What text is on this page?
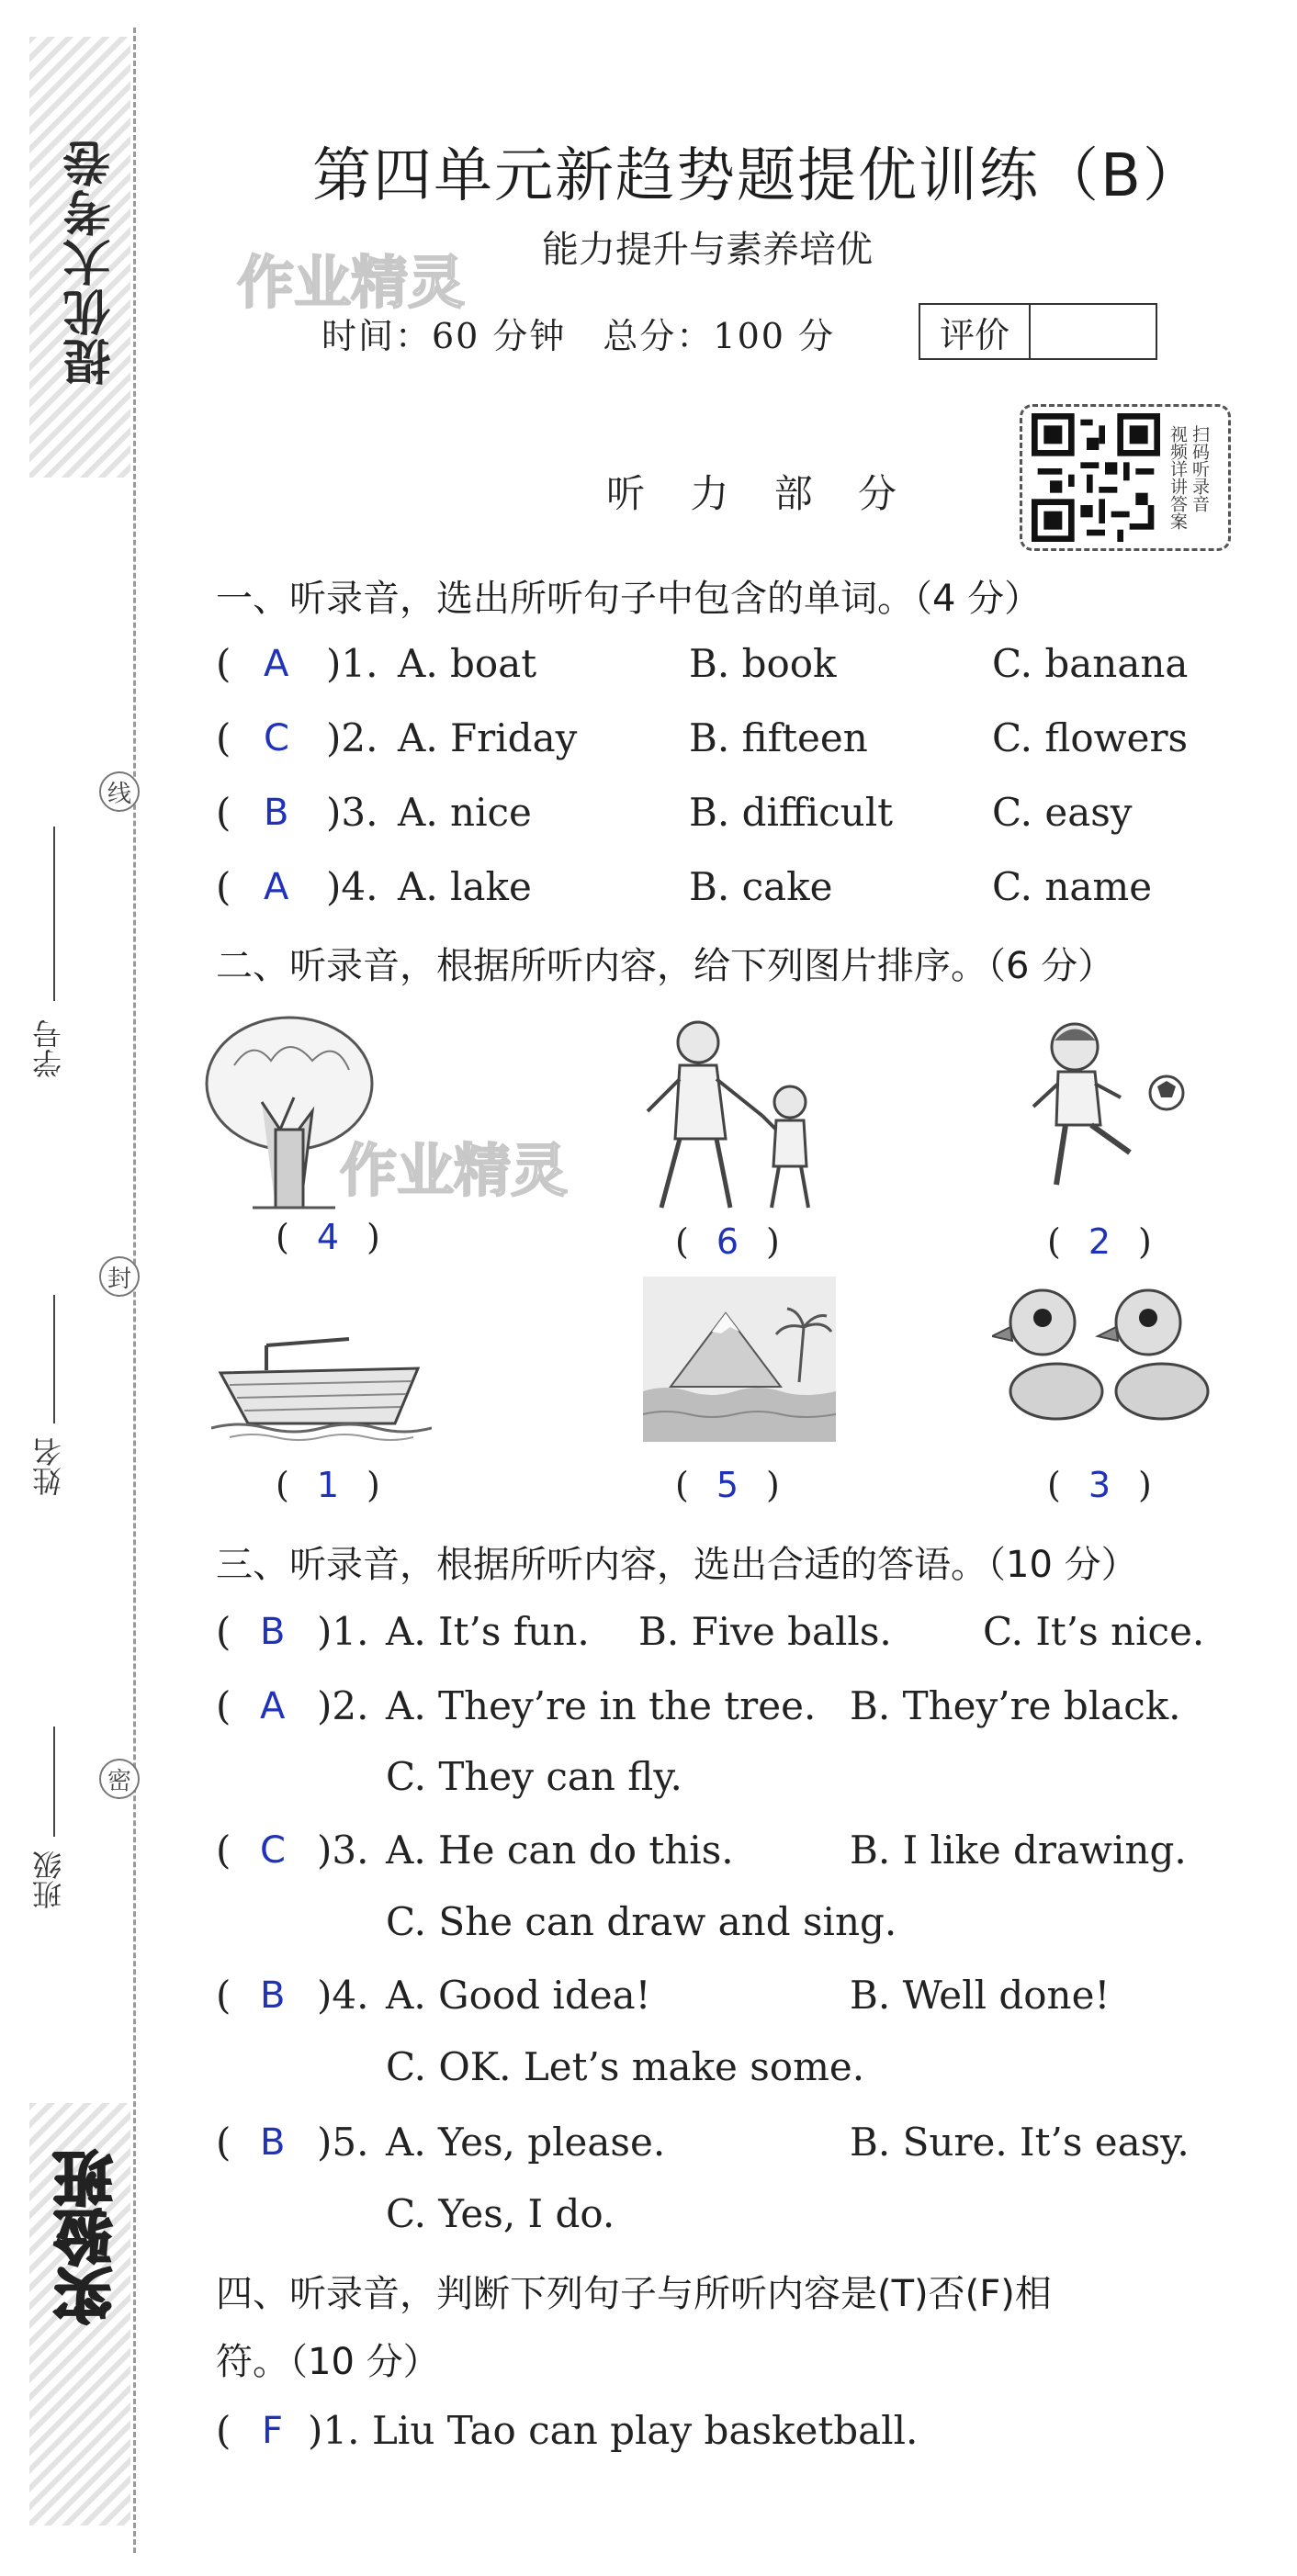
提优大考卷
实验班
线
封
密
学号
姓名
班级
第四单元新趋势题提优训练（B）
作业精灵 能力提升与素养培优
时间：60 分钟　总分：100 分	评价
视频详讲答案 扫码听录音
听 力 部 分
一、听录音，选出所听句子中包含的单词。（4 分）
( A )1. A. boat	B. book	C. banana
( C )2. A. Friday	B. fifteen	C. flowers
( B )3. A. nice	B. difficult	C. easy
( A )4. A. lake	B. cake	C. name
二、听录音，根据所听内容，给下列图片排序。（6 分）
作业精灵
( 4 )	( 6 )	( 2 )
( 1 )	( 5 )	( 3 )
三、听录音，根据所听内容，选出合适的答语。（10 分）
( B )1. A. It’s fun. B. Five balls. C. It’s nice.
( A )2. A. They’re in the tree. B. They’re black.
C. They can fly.
( C )3. A. He can do this.	B. I like drawing.
C. She can draw and sing.
( B )4. A. Good idea!	B. Well done!
C. OK. Let’s make some.
( B )5. A. Yes, please.	B. Sure. It’s easy.
C. Yes, I do.
四、听录音，判断下列句子与所听内容是(T)否(F)相
符。（10 分）
( F )1. Liu Tao can play basketball.
